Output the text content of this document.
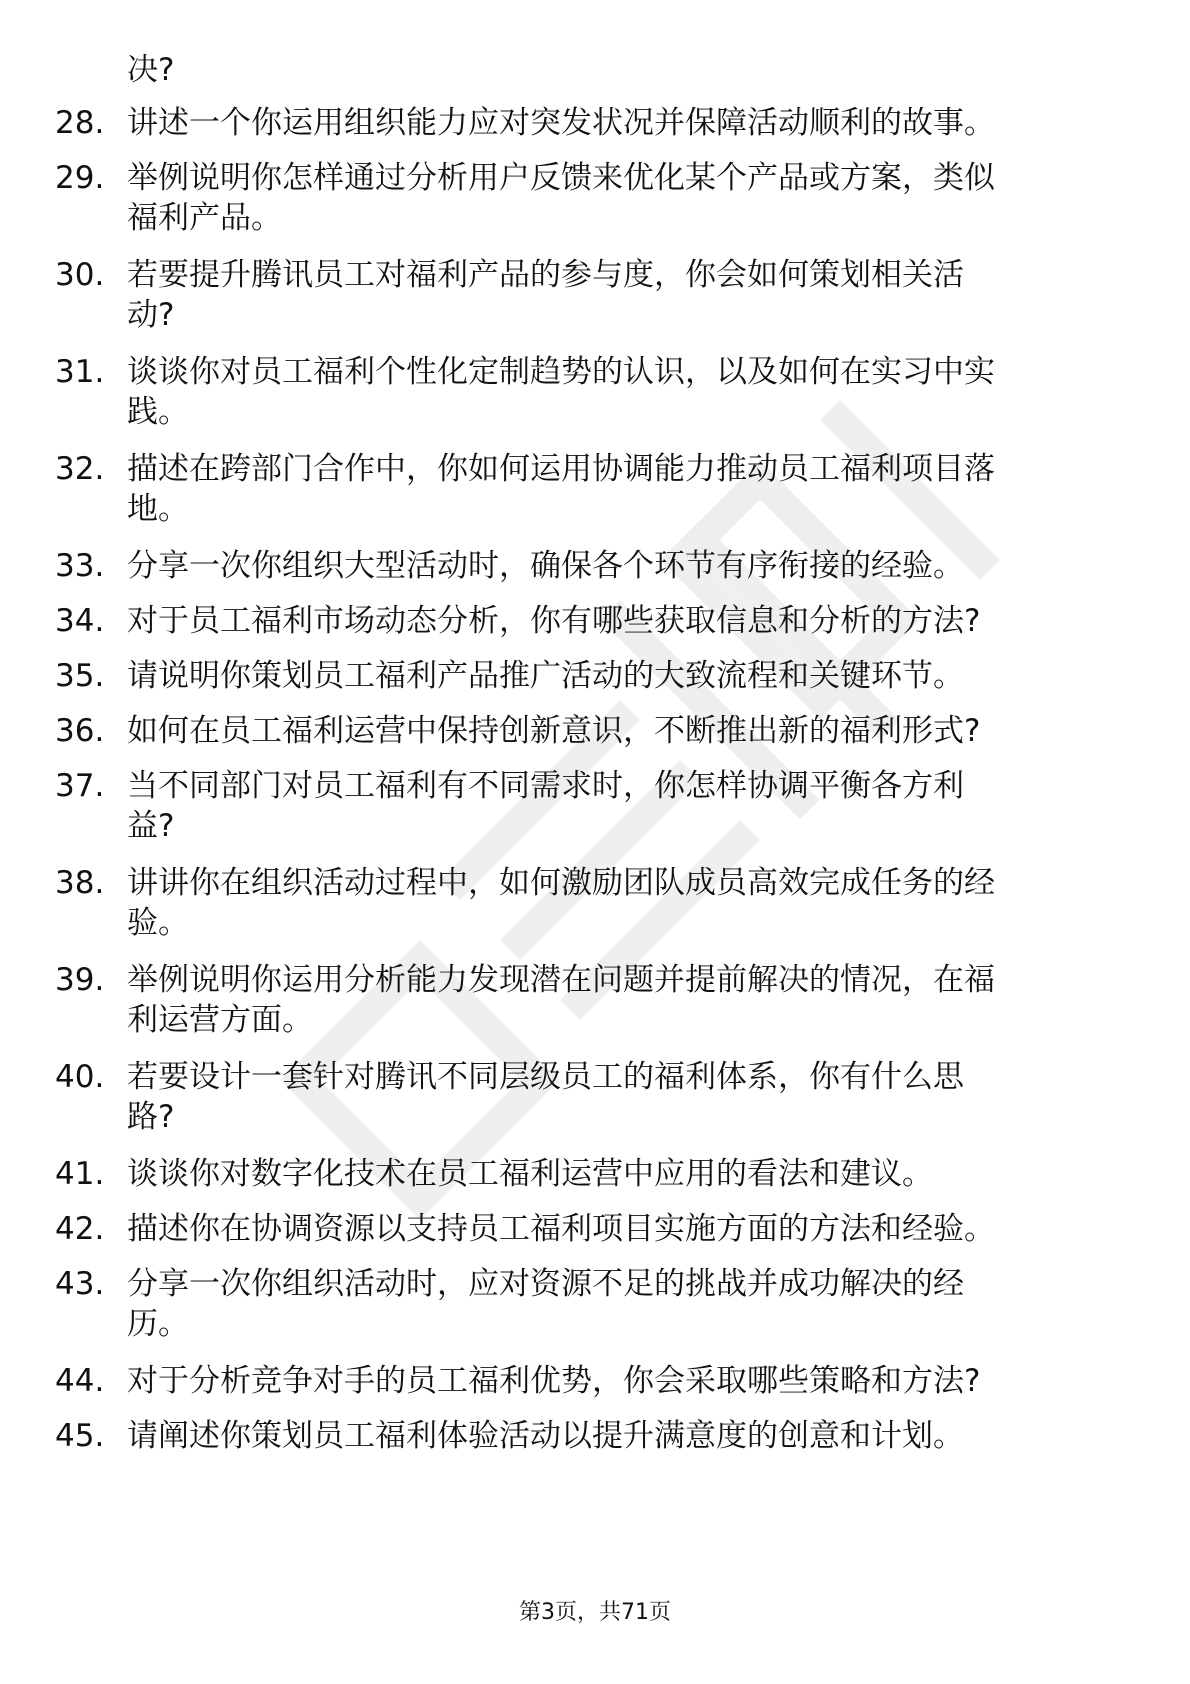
决?
28. 讲述一个你运用组织能力应对突发状况并保障活动顺利的故事。
29. 举例说明你怎样通过分析用户反馈来优化某个产品或方案，类似
福利产品。
30. 若要提升腾讯员工对福利产品的参与度，你会如何策划相关活
动?
31. 谈谈你对员工福利个性化定制趋势的认识，以及如何在实习中实
践。
32. 描述在跨部门合作中，你如何运用协调能力推动员工福利项目落
地。
33. 分享一次你组织大型活动时，确保各个环节有序衔接的经验。
34. 对于员工福利市场动态分析，你有哪些获取信息和分析的方法?
35. 请说明你策划员工福利产品推广活动的大致流程和关键环节。
36. 如何在员工福利运营中保持创新意识，不断推出新的福利形式?
37. 当不同部门对员工福利有不同需求时，你怎样协调平衡各方利
益?
38. 讲讲你在组织活动过程中，如何激励团队成员高效完成任务的经
验。
39. 举例说明你运用分析能力发现潜在问题并提前解决的情况，在福
利运营方面。
40. 若要设计一套针对腾讯不同层级员工的福利体系，你有什么思
路?
41. 谈谈你对数字化技术在员工福利运营中应用的看法和建议。
42. 描述你在协调资源以支持员工福利项目实施方面的方法和经验。
43. 分享一次你组织活动时，应对资源不足的挑战并成功解决的经
历。
44. 对于分析竞争对手的员工福利优势，你会采取哪些策略和方法?
45. 请阐述你策划员工福利体验活动以提升满意度的创意和计划。
第3页，共71页
